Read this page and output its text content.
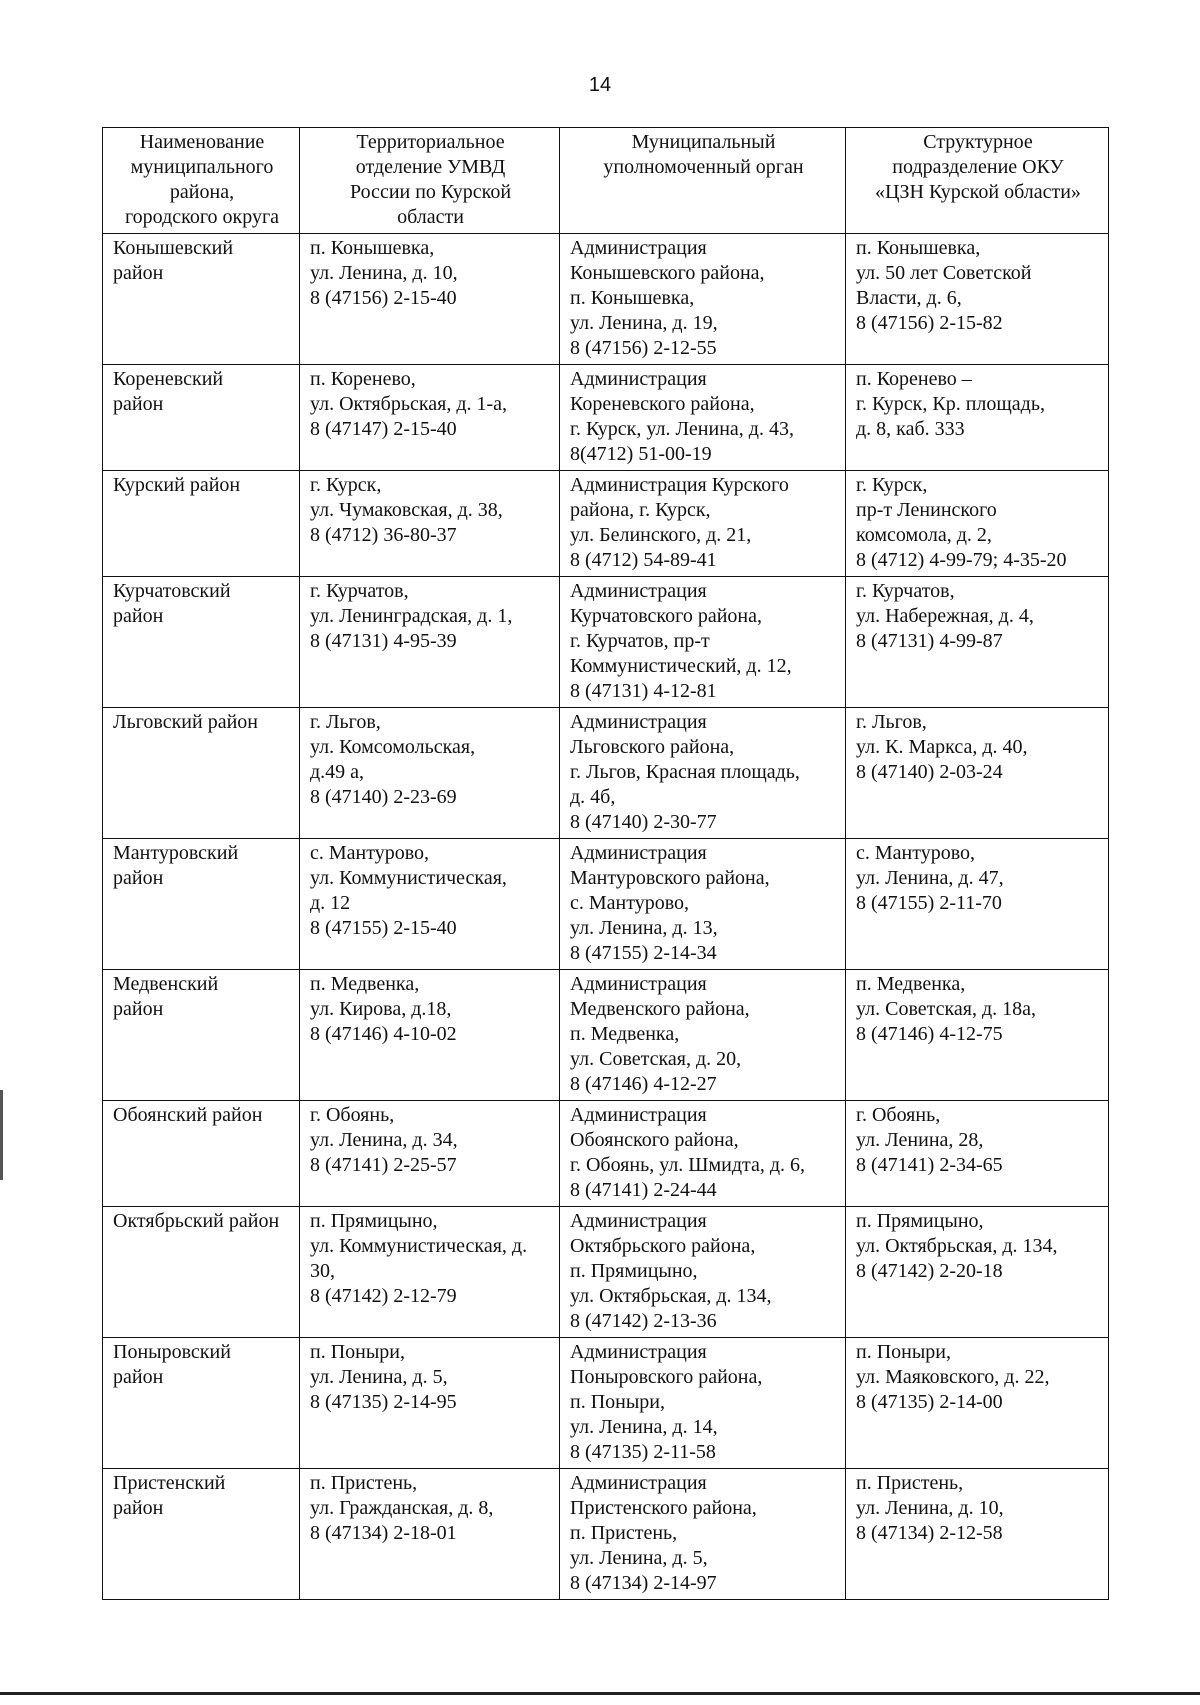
14
Наименование
муниципального
района,
городского округа	Территориальное
отделение УМВД
России по Курской
области	Муниципальный
уполномоченный орган	Структурное
подразделение ОКУ
«ЦЗН Курской области»

Конышевский
район	п. Конышевка,
ул. Ленина, д. 10,
8 (47156) 2-15-40	Администрация
Конышевского района,
п. Конышевка,
ул. Ленина, д. 19,
8 (47156) 2-12-55	п. Конышевка,
ул. 50 лет Советской
Власти, д. 6,
8 (47156) 2-15-82

Кореневский
район	п. Коренево,
ул. Октябрьская, д. 1-а,
8 (47147) 2-15-40	Администрация
Кореневского района,
г. Курск, ул. Ленина, д. 43,
8(4712) 51-00-19	п. Коренево –
г. Курск, Кр. площадь,
д. 8, каб. 333

Курский район	г. Курск,
ул. Чумаковская, д. 38,
8 (4712) 36-80-37	Администрация Курского
района, г. Курск,
ул. Белинского, д. 21,
8 (4712) 54-89-41	г. Курск,
пр-т Ленинского
комсомола, д. 2,
8 (4712) 4-99-79; 4-35-20

Курчатовский
район	г. Курчатов,
ул. Ленинградская, д. 1,
8 (47131) 4-95-39	Администрация
Курчатовского района,
г. Курчатов, пр-т
Коммунистический, д. 12,
8 (47131) 4-12-81	г. Курчатов,
ул. Набережная, д. 4,
8 (47131) 4-99-87

Льговский район	г. Льгов,
ул. Комсомольская,
д.49 а,
8 (47140) 2-23-69	Администрация
Льговского района,
г. Льгов, Красная площадь,
д. 4б,
8 (47140) 2-30-77	г. Льгов,
ул. К. Маркса, д. 40,
8 (47140) 2-03-24

Мантуровский
район	с. Мантурово,
ул. Коммунистическая,
д. 12
8 (47155) 2-15-40	Администрация
Мантуровского района,
с. Мантурово,
ул. Ленина, д. 13,
8 (47155) 2-14-34	с. Мантурово,
ул. Ленина, д. 47,
8 (47155) 2-11-70

Медвенский
район	п. Медвенка,
ул. Кирова, д.18,
8 (47146) 4-10-02	Администрация
Медвенского района,
п. Медвенка,
ул. Советская, д. 20,
8 (47146) 4-12-27	п. Медвенка,
ул. Советская, д. 18а,
8 (47146) 4-12-75

Обоянский район	г. Обоянь,
ул. Ленина, д. 34,
8 (47141) 2-25-57	Администрация
Обоянского района,
г. Обоянь, ул. Шмидта, д. 6,
8 (47141) 2-24-44	г. Обоянь,
ул. Ленина, 28,
8 (47141) 2-34-65

Октябрьский район	п. Прямицыно,
ул. Коммунистическая, д.
30,
8 (47142) 2-12-79	Администрация
Октябрьского района,
п. Прямицыно,
ул. Октябрьская, д. 134,
8 (47142) 2-13-36	п. Прямицыно,
ул. Октябрьская, д. 134,
8 (47142) 2-20-18

Поныровский
район	п. Поныри,
ул. Ленина, д. 5,
8 (47135) 2-14-95	Администрация
Поныровского района,
п. Поныри,
ул. Ленина, д. 14,
8 (47135) 2-11-58	п. Поныри,
ул. Маяковского, д. 22,
8 (47135) 2-14-00

Пристенский
район	п. Пристень,
ул. Гражданская, д. 8,
8 (47134) 2-18-01	Администрация
Пристенского района,
п. Пристень,
ул. Ленина, д. 5,
8 (47134) 2-14-97	п. Пристень,
ул. Ленина, д. 10,
8 (47134) 2-12-58
